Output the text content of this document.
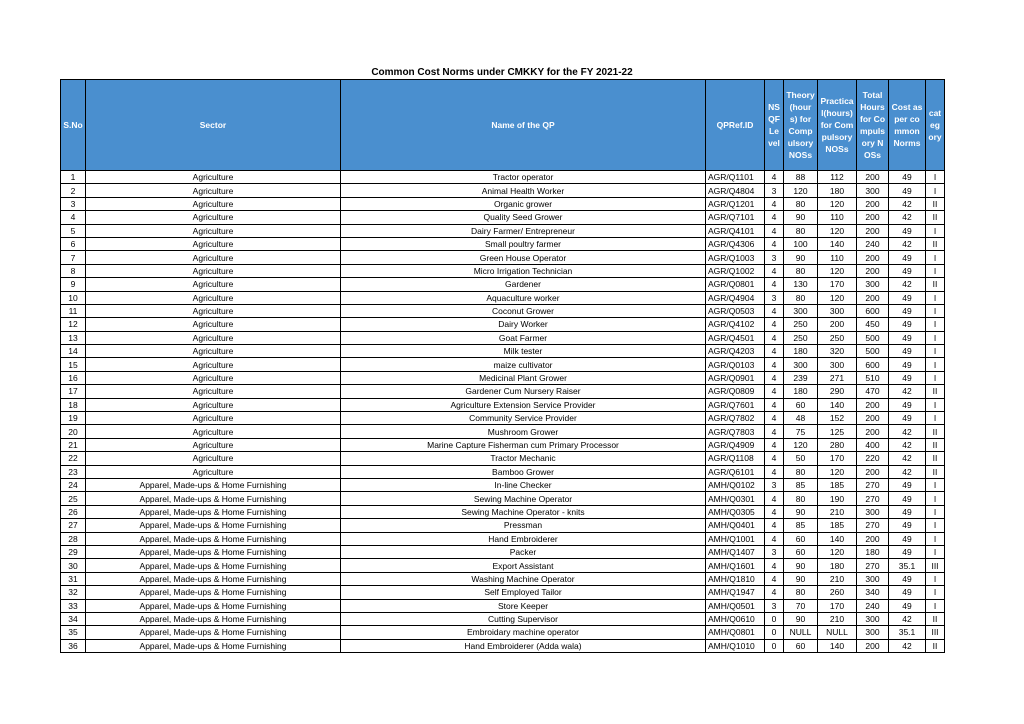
Common Cost Norms under CMKKY for the FY 2021-22
S.No	Sector	Name of the QP	QPRef.ID	NSQF Level	Theory (hours) for Compulsory NOSs	Practical(hours) for Compulsory NOSs	Total Hours for Compulsory NOSs	Cost as per common Norms	category
1	Agriculture	Tractor operator	AGR/Q1101	4	88	112	200	49	I
2	Agriculture	Animal Health Worker	AGR/Q4804	3	120	180	300	49	I
3	Agriculture	Organic grower	AGR/Q1201	4	80	120	200	42	II
4	Agriculture	Quality Seed Grower	AGR/Q7101	4	90	110	200	42	II
5	Agriculture	Dairy Farmer/ Entrepreneur	AGR/Q4101	4	80	120	200	49	I
6	Agriculture	Small poultry farmer	AGR/Q4306	4	100	140	240	42	II
7	Agriculture	Green House Operator	AGR/Q1003	3	90	110	200	49	I
8	Agriculture	Micro Irrigation Technician	AGR/Q1002	4	80	120	200	49	I
9	Agriculture	Gardener	AGR/Q0801	4	130	170	300	42	II
10	Agriculture	Aquaculture worker	AGR/Q4904	3	80	120	200	49	I
11	Agriculture	Coconut Grower	AGR/Q0503	4	300	300	600	49	I
12	Agriculture	Dairy Worker	AGR/Q4102	4	250	200	450	49	I
13	Agriculture	Goat Farmer	AGR/Q4501	4	250	250	500	49	I
14	Agriculture	Milk tester	AGR/Q4203	4	180	320	500	49	I
15	Agriculture	maize cultivator	AGR/Q0103	4	300	300	600	49	I
16	Agriculture	Medicinal Plant Grower	AGR/Q0901	4	239	271	510	49	I
17	Agriculture	Gardener Cum Nursery Raiser	AGR/Q0809	4	180	290	470	42	II
18	Agriculture	Agriculture Extension Service Provider	AGR/Q7601	4	60	140	200	49	I
19	Agriculture	Community Service Provider	AGR/Q7802	4	48	152	200	49	I
20	Agriculture	Mushroom Grower	AGR/Q7803	4	75	125	200	42	II
21	Agriculture	Marine Capture Fisherman cum Primary Processor	AGR/Q4909	4	120	280	400	42	II
22	Agriculture	Tractor Mechanic	AGR/Q1108	4	50	170	220	42	II
23	Agriculture	Bamboo Grower	AGR/Q6101	4	80	120	200	42	II
24	Apparel, Made-ups & Home Furnishing	In-line Checker	AMH/Q0102	3	85	185	270	49	I
25	Apparel, Made-ups & Home Furnishing	Sewing Machine Operator	AMH/Q0301	4	80	190	270	49	I
26	Apparel, Made-ups & Home Furnishing	Sewing Machine Operator - knits	AMH/Q0305	4	90	210	300	49	I
27	Apparel, Made-ups & Home Furnishing	Pressman	AMH/Q0401	4	85	185	270	49	I
28	Apparel, Made-ups & Home Furnishing	Hand Embroiderer	AMH/Q1001	4	60	140	200	49	I
29	Apparel, Made-ups & Home Furnishing	Packer	AMH/Q1407	3	60	120	180	49	I
30	Apparel, Made-ups & Home Furnishing	Export Assistant	AMH/Q1601	4	90	180	270	35.1	III
31	Apparel, Made-ups & Home Furnishing	Washing Machine Operator	AMH/Q1810	4	90	210	300	49	I
32	Apparel, Made-ups & Home Furnishing	Self Employed Tailor	AMH/Q1947	4	80	260	340	49	I
33	Apparel, Made-ups & Home Furnishing	Store Keeper	AMH/Q0501	3	70	170	240	49	I
34	Apparel, Made-ups & Home Furnishing	Cutting Supervisor	AMH/Q0610	0	90	210	300	42	II
35	Apparel, Made-ups & Home Furnishing	Embroidary machine operator	AMH/Q0801	0	NULL	NULL	300	35.1	III
36	Apparel, Made-ups & Home Furnishing	Hand Embroiderer (Adda wala)	AMH/Q1010	0	60	140	200	42	II
